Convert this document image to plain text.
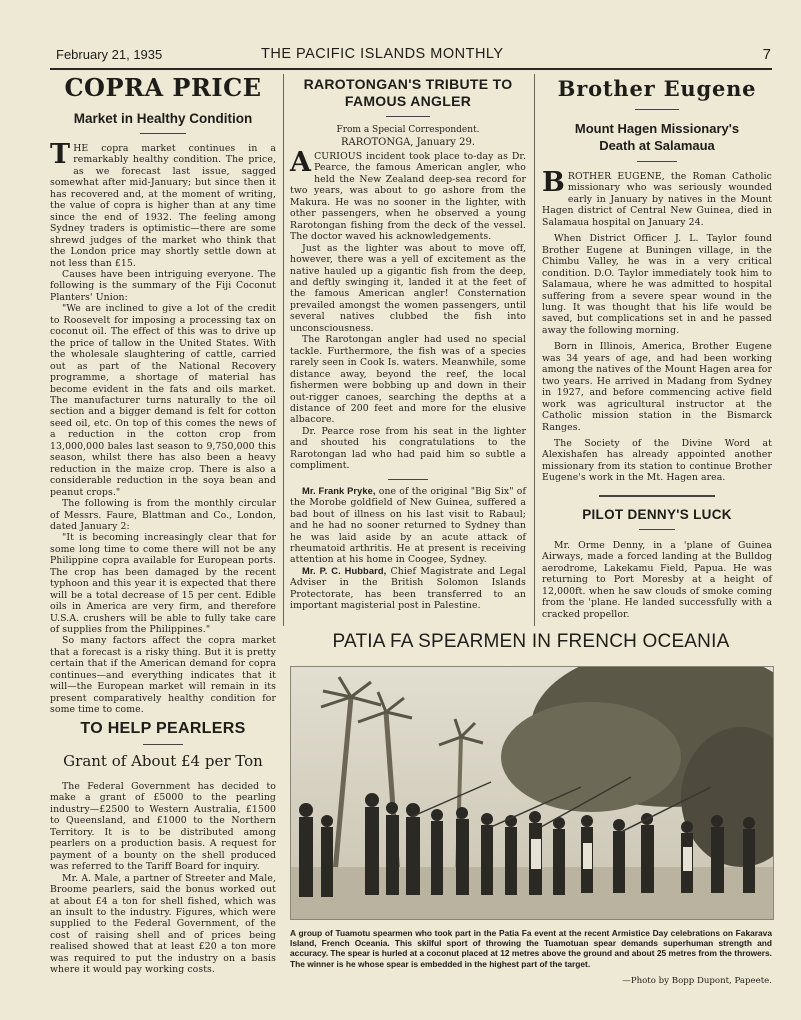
February 21, 1935	THE PACIFIC ISLANDS MONTHLY	7
COPRA PRICE
Market in Healthy Condition

THE copra market continues in a remarkably healthy condition. The price, as we forecast last issue, sagged somewhat after mid-January; but since then it has recovered and, at the moment of writing, the value of copra is higher than at any time since the end of 1932. The feeling among Sydney traders is optimistic—there are some shrewd judges of the market who think that the London price may shortly settle down at not less than £15.

Causes have been intriguing everyone. The following is the summary of the Fiji Coconut Planters' Union:

"We are inclined to give a lot of the credit to Roosevelt for imposing a processing tax on coconut oil. The effect of this was to drive up the price of tallow in the United States. With the wholesale slaughtering of cattle, carried out as part of the National Recovery programme, a shortage of material has become evident in the fats and oils market. The manufacturer turns naturally to the oil section and a bigger demand is felt for cotton seed oil, etc. On top of this comes the news of a reduction in the cotton crop from 13,000,000 bales last season to 9,750,000 this season, whilst there has also been a heavy reduction in the maize crop. There is also a considerable reduction in the soya bean and peanut crops."

The following is from the monthly circular of Messrs. Faure, Blattman and Co., London, dated January 2:

"It is becoming increasingly clear that for some long time to come there will not be any Philippine copra available for European ports. The crop has been damaged by the recent typhoon and this year it is expected that there will be a total decrease of 15 per cent. Edible oils in America are very firm, and therefore U.S.A. crushers will be able to fully take care of supplies from the Philippines."

So many factors affect the copra market that a forecast is a risky thing. But it is pretty certain that if the American demand for copra continues—and everything indicates that it will—the European market will remain in its present comparatively healthy condition for some time to come.

TO HELP PEARLERS
Grant of About £4 per Ton

The Federal Government has decided to make a grant of £5000 to the pearling industry—£2500 to Western Australia, £1500 to Queensland, and £1000 to the Northern Territory. It is to be distributed among pearlers on a production basis. A request for payment of a bounty on the shell produced was referred to the Tariff Board for inquiry.

Mr. A. Male, a partner of Streeter and Male, Broome pearlers, said the bonus worked out at about £4 a ton for shell fished, which was an insult to the industry. Figures, which were supplied to the Federal Government, of the cost of raising shell and of prices being realised showed that at least £20 a ton more was required to put the industry on a basis where it would pay working costs.

RAROTONGAN'S TRIBUTE TO
FAMOUS ANGLER

From a Special Correspondent.

RAROTONGA, January 29.

ACURIOUS incident took place to-day as Dr. Pearce, the famous American angler, who held the New Zealand deep-sea record for two years, was about to go ashore from the Makura. He was no sooner in the lighter, with other passengers, when he observed a young Rarotongan fishing from the deck of the vessel. The doctor waved his acknowledgements.

Just as the lighter was about to move off, however, there was a yell of excitement as the native hauled up a gigantic fish from the deep, and deftly swinging it, landed it at the feet of the famous American angler! Consternation prevailed amongst the women passengers, until several natives clubbed the fish into unconsciousness.

The Rarotongan angler had used no special tackle. Furthermore, the fish was of a species rarely seen in Cook Is. waters. Meanwhile, some distance away, beyond the reef, the local fishermen were bobbing up and down in their out-rigger canoes, searching the depths at a distance of 200 feet and more for the elusive albacore.

Dr. Pearce rose from his seat in the lighter and shouted his congratulations to the Rarotongan lad who had paid him so subtle a compliment.

Mr. Frank Pryke, one of the original "Big Six" of the Morobe goldfield of New Guinea, suffered a bad bout of illness on his last visit to Rabaul; and he had no sooner returned to Sydney than he was laid aside by an acute attack of rheumatoid arthritis. He at present is receiving attention at his home in Coogee, Sydney.

Mr. P. C. Hubbard, Chief Magistrate and Legal Adviser in the British Solomon Islands Protectorate, has been transferred to an important magisterial post in Palestine.

Brother Eugene
Mount Hagen Missionary's
Death at Salamaua

BROTHER EUGENE, the Roman Catholic missionary who was seriously wounded early in January by natives in the Mount Hagen district of Central New Guinea, died in Salamaua hospital on January 24.

When District Officer J. L. Taylor found Brother Eugene at Buningen village, in the Chimbu Valley, he was in a very critical condition. D.O. Taylor immediately took him to Salamaua, where he was admitted to hospital suffering from a severe spear wound in the lung. It was thought that his life would be saved, but complications set in and he passed away the following morning.

Born in Illinois, America, Brother Eugene was 34 years of age, and had been working among the natives of the Mount Hagen area for two years. He arrived in Madang from Sydney in 1927, and before commencing active field work was agricultural instructor at the Catholic mission station in the Bismarck Ranges.

The Society of the Divine Word at Alexishafen has already appointed another missionary from its station to continue Brother Eugene's work in the Mt. Hagen area.

PILOT DENNY'S LUCK

Mr. Orme Denny, in a 'plane of Guinea Airways, made a forced landing at the Bulldog aerodrome, Lakekamu Field, Papua. He was returning to Port Moresby at a height of 12,000ft. when he saw clouds of smoke coming from the 'plane. He landed successfully with a cracked propellor.

PATIA FA SPEARMEN IN FRENCH OCEANIA
A group of Tuamotu spearmen who took part in the Patia Fa event at the recent Armistice Day celebrations on Fakarava Island, French Oceania. This skilful sport of throwing the Tuamotuan spear demands superhuman strength and accuracy. The spear is hurled at a coconut placed at 12 metres above the ground and about 25 metres from the throwers. The winner is he whose spear is embedded in the highest part of the target.
—Photo by Bopp Dupont, Papeete.
